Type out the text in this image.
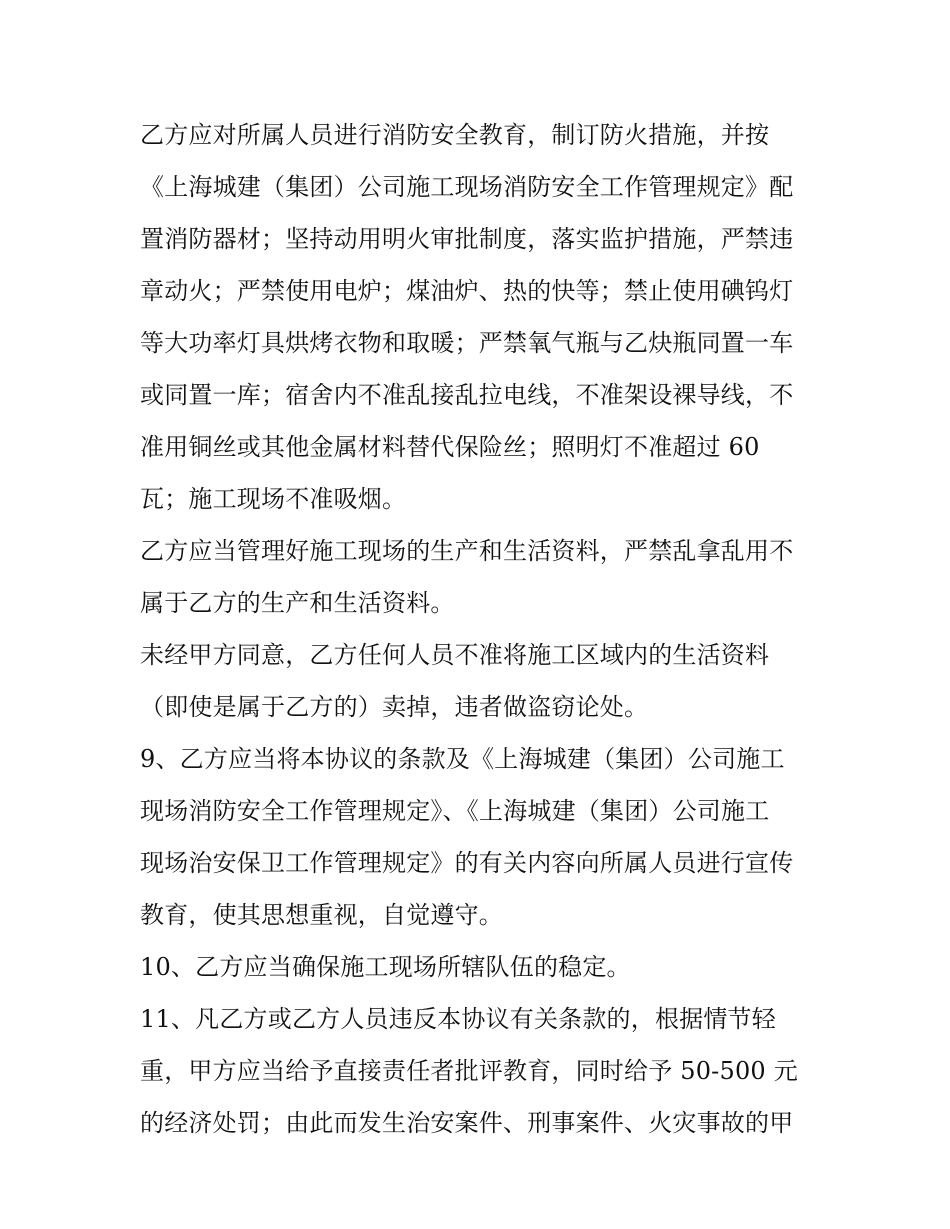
乙方应对所属人员进行消防安全教育，制订防火措施，并按
《上海城建（集团）公司施工现场消防安全工作管理规定》配
置消防器材；坚持动用明火审批制度，落实监护措施，严禁违
章动火；严禁使用电炉；煤油炉、热的快等；禁止使用碘钨灯
等大功率灯具烘烤衣物和取暖；严禁氧气瓶与乙炔瓶同置一车
或同置一库；宿舍内不准乱接乱拉电线，不准架设裸导线，不
准用铜丝或其他金属材料替代保险丝；照明灯不准超过 60
瓦；施工现场不准吸烟。
乙方应当管理好施工现场的生产和生活资料，严禁乱拿乱用不
属于乙方的生产和生活资料。
未经甲方同意，乙方任何人员不准将施工区域内的生活资料
（即使是属于乙方的）卖掉，违者做盗窃论处。
9、乙方应当将本协议的条款及《上海城建（集团）公司施工
现场消防安全工作管理规定》、《上海城建（集团）公司施工
现场治安保卫工作管理规定》的有关内容向所属人员进行宣传
教育，使其思想重视，自觉遵守。
10、乙方应当确保施工现场所辖队伍的稳定。
11、凡乙方或乙方人员违反本协议有关条款的，根据情节轻
重，甲方应当给予直接责任者批评教育，同时给予 50-500 元
的经济处罚；由此而发生治安案件、刑事案件、火灾事故的甲
